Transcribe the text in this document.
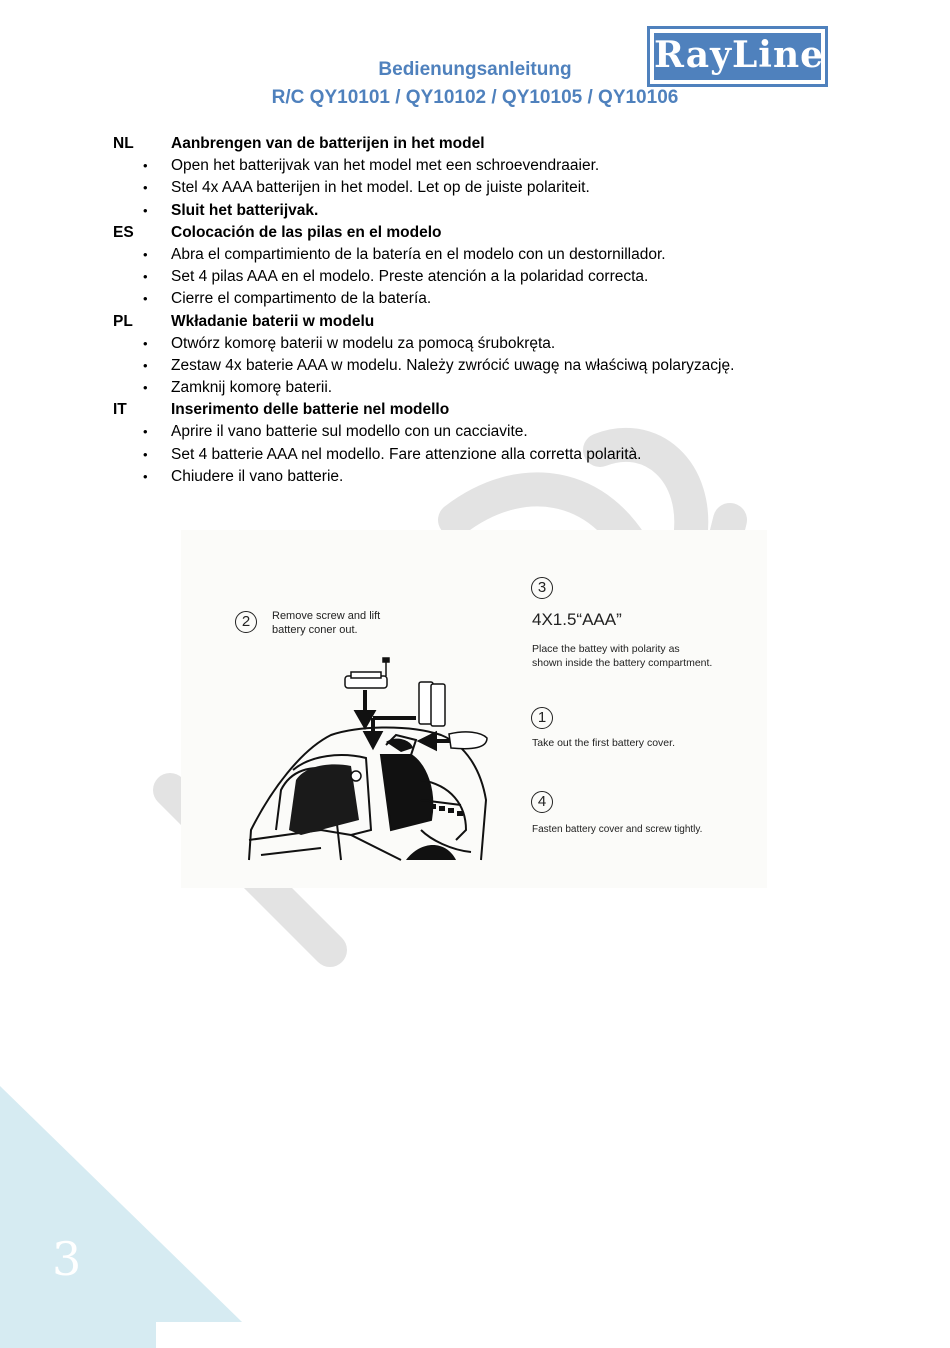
Bedienungsanleitung
R/C QY10101 / QY10102 / QY10105 / QY10106
RayLine
NL Aanbrengen van de batterijen in het model
• Open het batterijvak van het model met een schroevendraaier.
• Stel 4x AAA batterijen in het model. Let op de juiste polariteit.
• Sluit het batterijvak.
ES Colocación de las pilas en el modelo
• Abra el compartimiento de la batería en el modelo con un destornillador.
• Set 4 pilas AAA en el modelo. Preste atención a la polaridad correcta.
• Cierre el compartimento de la batería.
PL Wkładanie baterii w modelu
• Otwórz komorę baterii w modelu za pomocą śrubokręta.
• Zestaw 4x baterie AAA w modelu. Należy zwrócić uwagę na właściwą polaryzację.
• Zamknij komorę baterii.
IT	Inserimento delle batterie nel modello
• Aprire il vano batterie sul modello con un cacciavite.
• Set 4 batterie AAA nel modello. Fare attenzione alla corretta polarità.
• Chiudere il vano batterie.
2	Remove screw and lift
battery coner out.
3
4X1.5“AAA”
Place the battey with polarity as
shown inside the battery compartment.
1
Take out the first battery cover.
4
Fasten battery cover and screw tightly.
3
